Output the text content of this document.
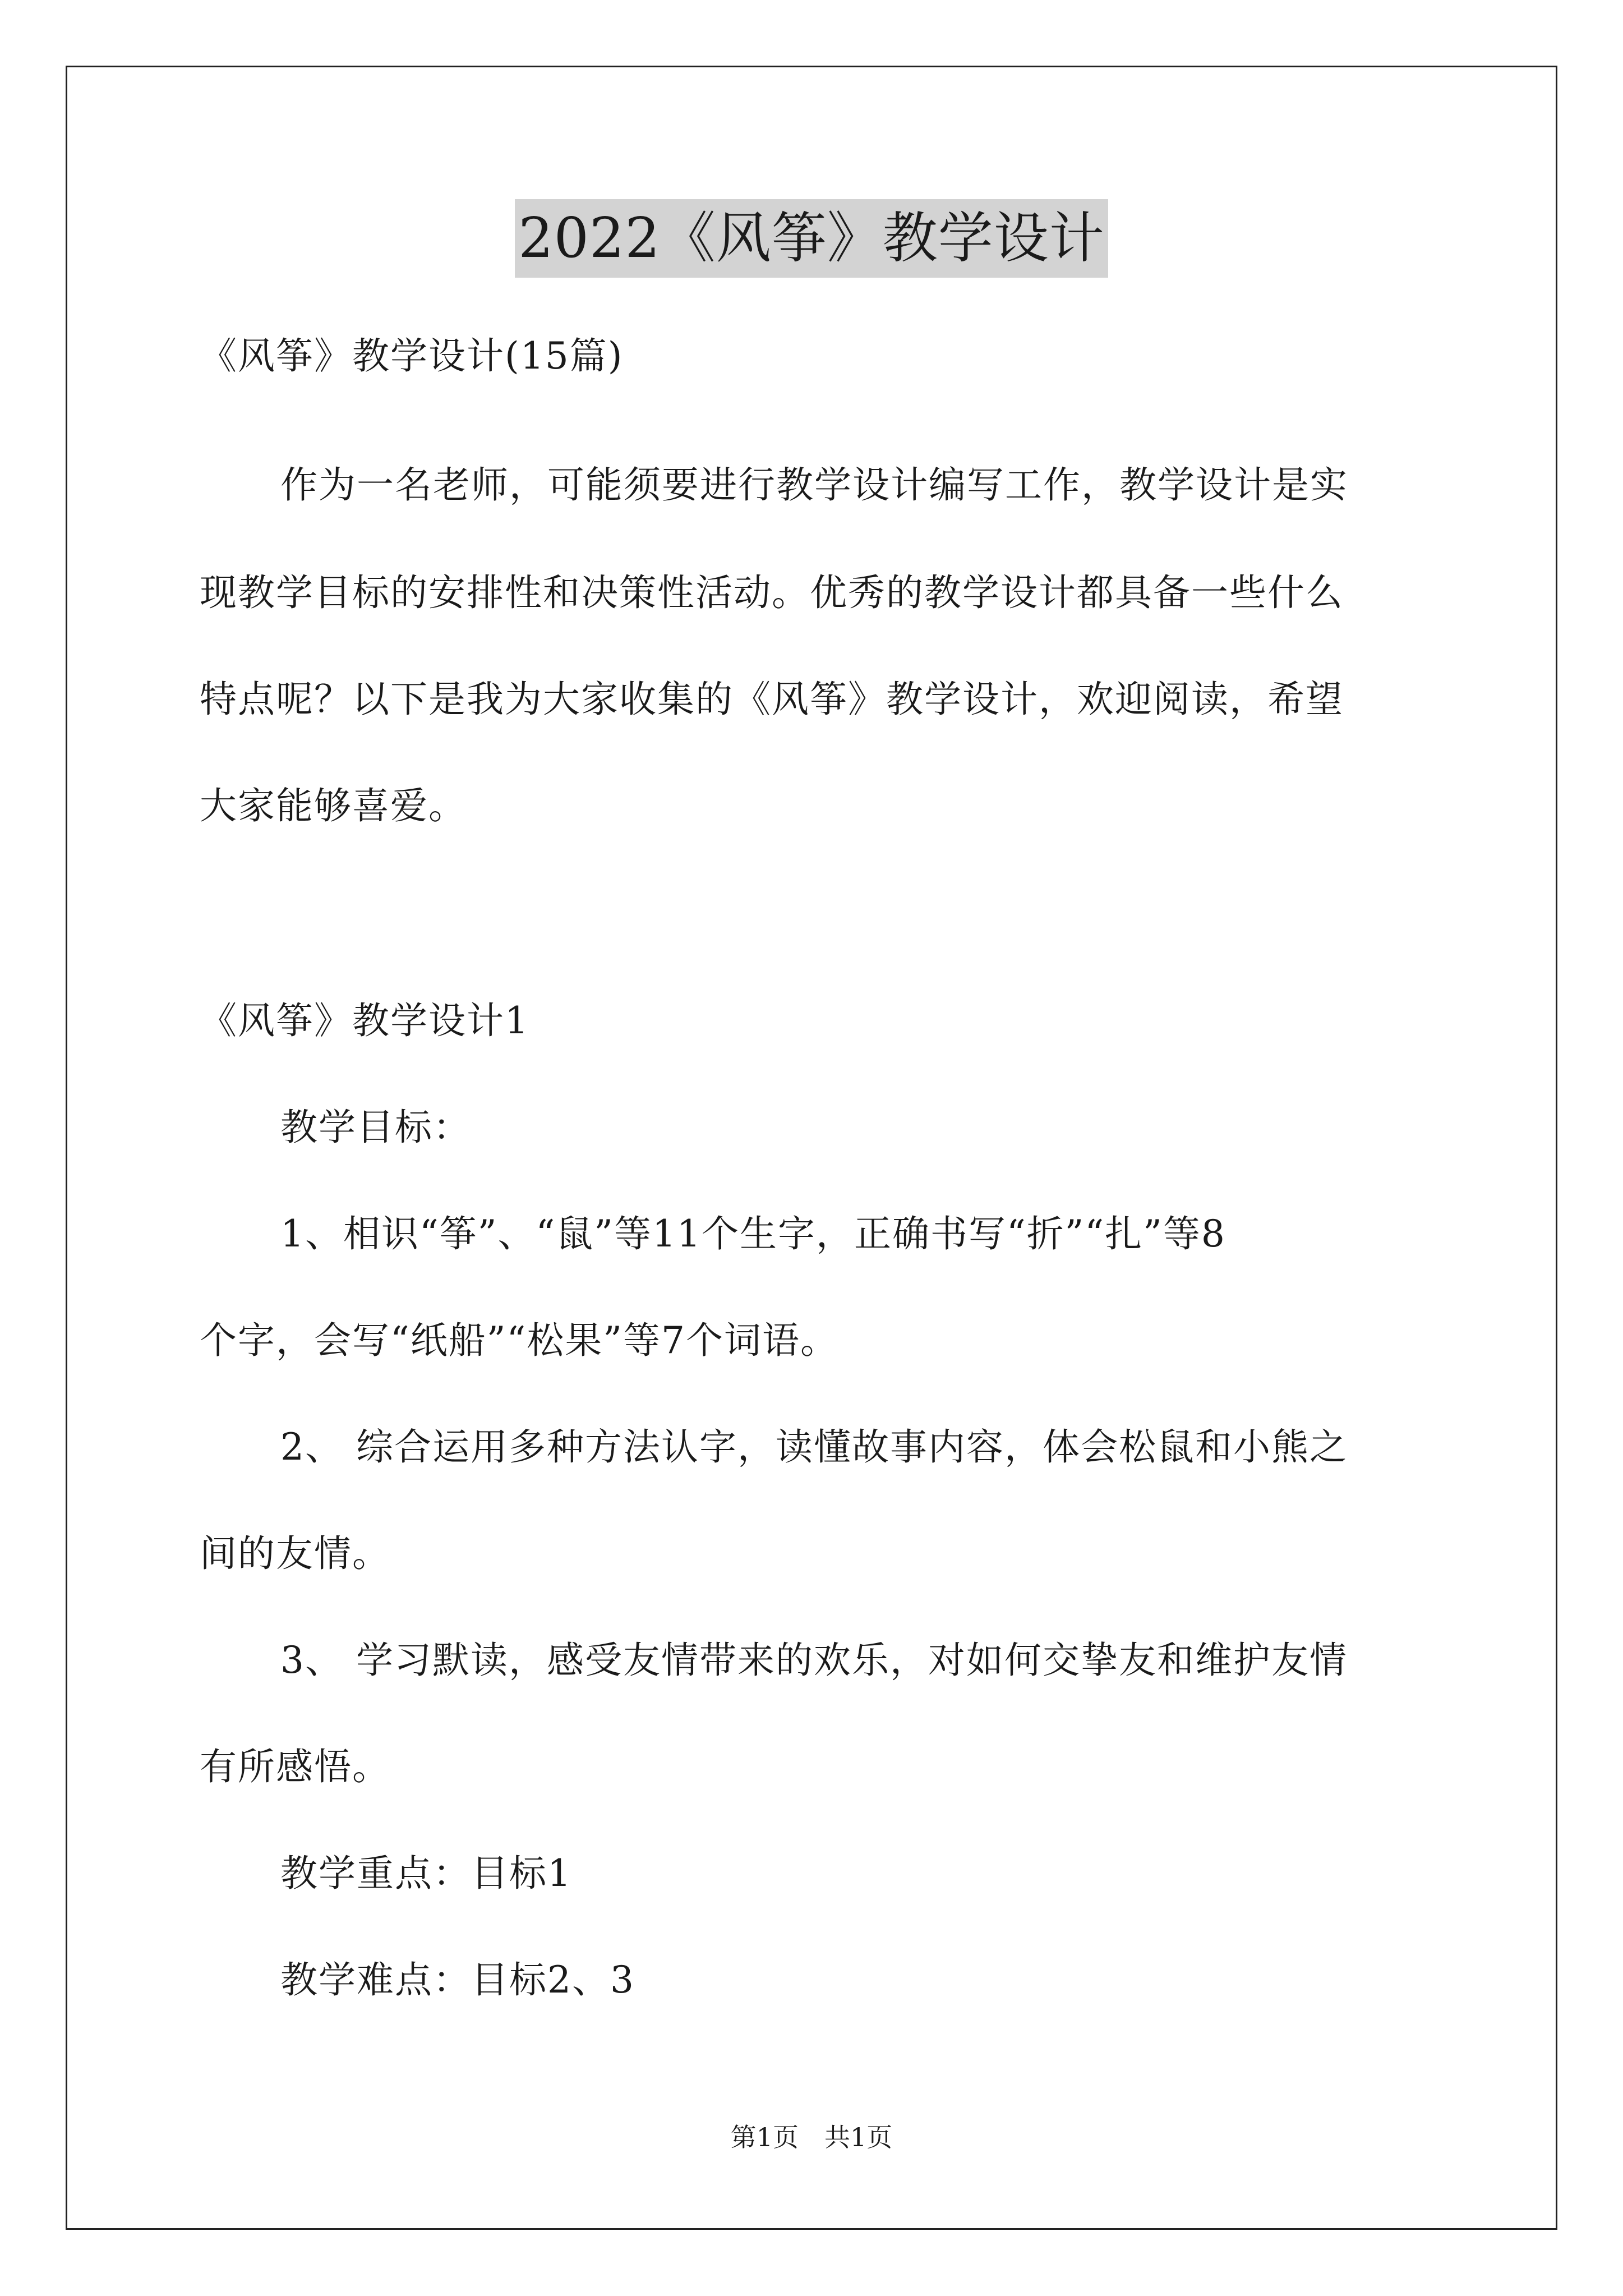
2022《风筝》教学设计
《风筝》教学设计(15篇)
作为一名老师，可能须要进行教学设计编写工作，教学设计是实
现教学目标的安排性和决策性活动。优秀的教学设计都具备一些什么
特点呢？以下是我为大家收集的《风筝》教学设计，欢迎阅读，希望
大家能够喜爱。
《风筝》教学设计1
教学目标：
1、相识“筝”、“鼠”等11个生字，正确书写“折”“扎”等8
个字，会写“纸船”“松果”等7个词语。
2、 综合运用多种方法认字，读懂故事内容，体会松鼠和小熊之
间的友情。
3、 学习默读，感受友情带来的欢乐，对如何交挚友和维护友情
有所感悟。
教学重点：目标1
教学难点：目标2、3
第1页　共1页
